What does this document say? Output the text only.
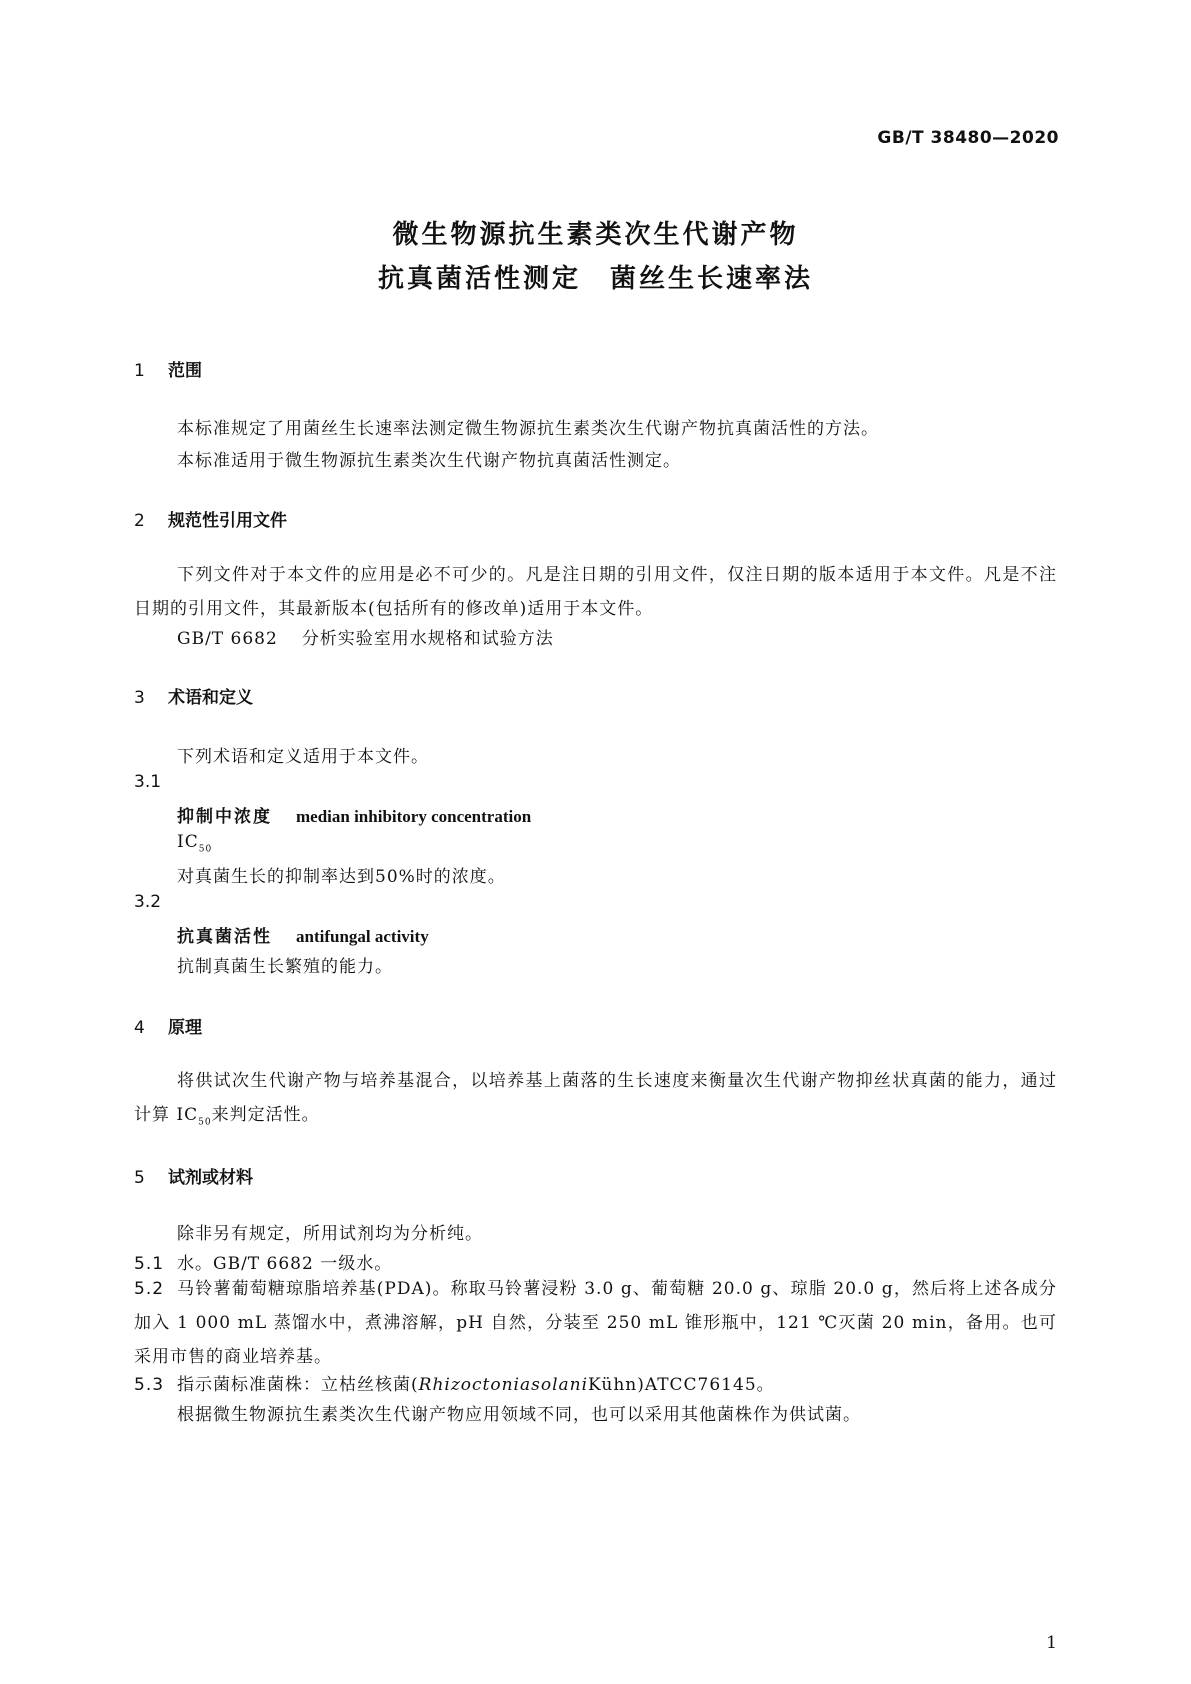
GB/T 38480—2020
微生物源抗生素类次生代谢产物
抗真菌活性测定　菌丝生长速率法
1 范围
本标准规定了用菌丝生长速率法测定微生物源抗生素类次生代谢产物抗真菌活性的方法。
本标准适用于微生物源抗生素类次生代谢产物抗真菌活性测定。
2 规范性引用文件
下列文件对于本文件的应用是必不可少的。凡是注日期的引用文件，仅注日期的版本适用于本文件。凡是不注日期的引用文件，其最新版本(包括所有的修改单)适用于本文件。
GB/T 6682 分析实验室用水规格和试验方法
3 术语和定义
下列术语和定义适用于本文件。
3.1
抑制中浓度 median inhibitory concentration
$IC_{50}$
对真菌生长的抑制率达到50%时的浓度。
3.2
抗真菌活性 antifungal activity
抗制真菌生长繁殖的能力。
4 原理
将供试次生代谢产物与培养基混合，以培养基上菌落的生长速度来衡量次生代谢产物抑丝状真菌的能力，通过计算 $IC_{50}$来判定活性。
5 试剂或材料
除非另有规定，所用试剂均为分析纯。
5.1 水。GB/T 6682 一级水。
5.2 马铃薯葡萄糖琼脂培养基(PDA)。称取马铃薯浸粉 3.0 g、葡萄糖 20.0 g、琼脂 20.0 g，然后将上述各成分加入 1 000 mL 蒸馏水中，煮沸溶解，pH 自然，分装至 250 mL 锥形瓶中，121 ℃灭菌 20 min，备用。也可采用市售的商业培养基。
5.3 指示菌标准菌株：立枯丝核菌(RhizoctoniasolaniKühn)ATCC76145。
根据微生物源抗生素类次生代谢产物应用领域不同，也可以采用其他菌株作为供试菌。
1
